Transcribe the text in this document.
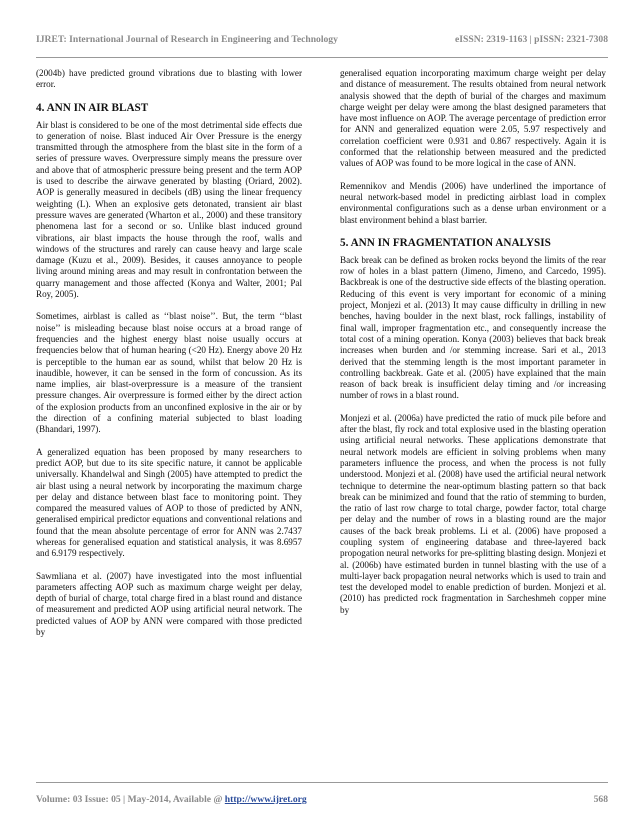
IJRET: International Journal of Research in Engineering and Technology	eISSN: 2319-1163 | pISSN: 2321-7308

(2004b) have predicted ground vibrations due to blasting with lower error.

4. ANN IN AIR BLAST

Air blast is considered to be one of the most detrimental side effects due to generation of noise. Blast induced Air Over Pressure is the energy transmitted through the atmosphere from the blast site in the form of a series of pressure waves. Overpressure simply means the pressure over and above that of atmospheric pressure being present and the term AOP is used to describe the airwave generated by blasting (Oriard, 2002). AOP is generally measured in decibels (dB) using the linear frequency weighting (L). When an explosive gets detonated, transient air blast pressure waves are generated (Wharton et al., 2000) and these transitory phenomena last for a second or so. Unlike blast induced ground vibrations, air blast impacts the house through the roof, walls and windows of the structures and rarely can cause heavy and large scale damage (Kuzu et al., 2009). Besides, it causes annoyance to people living around mining areas and may result in confrontation between the quarry management and those affected (Konya and Walter, 2001; Pal Roy, 2005).

Sometimes, airblast is called as ‘‘blast noise’’. But, the term ‘‘blast noise’’ is misleading because blast noise occurs at a broad range of frequencies and the highest energy blast noise usually occurs at frequencies below that of human hearing (<20 Hz). Energy above 20 Hz is perceptible to the human ear as sound, whilst that below 20 Hz is inaudible, however, it can be sensed in the form of concussion. As its name implies, air blast-overpressure is a measure of the transient pressure changes. Air overpressure is formed either by the direct action of the explosion products from an unconfined explosive in the air or by the direction of a confining material subjected to blast loading (Bhandari, 1997).

A generalized equation has been proposed by many researchers to predict AOP, but due to its site specific nature, it cannot be applicable universally. Khandelwal and Singh (2005) have attempted to predict the air blast using a neural network by incorporating the maximum charge per delay and distance between blast face to monitoring point. They compared the measured values of AOP to those of predicted by ANN, generalised empirical predictor equations and conventional relations and found that the mean absolute percentage of error for ANN was 2.7437 whereas for generalised equation and statistical analysis, it was 8.6957 and 6.9179 respectively.

Sawmliana et al. (2007) have investigated into the most influential parameters affecting AOP such as maximum charge weight per delay, depth of burial of charge, total charge fired in a blast round and distance of measurement and predicted AOP using artificial neural network. The predicted values of AOP by ANN were compared with those predicted by

generalised equation incorporating maximum charge weight per delay and distance of measurement. The results obtained from neural network analysis showed that the depth of burial of the charges and maximum charge weight per delay were among the blast designed parameters that have most influence on AOP. The average percentage of prediction error for ANN and generalized equation were 2.05, 5.97 respectively and correlation coefficient were 0.931 and 0.867 respectively. Again it is conformed that the relationship between measured and the predicted values of AOP was found to be more logical in the case of ANN.

Remennikov and Mendis (2006) have underlined the importance of neural network-based model in predicting airblast load in complex environmental configurations such as a dense urban environment or a blast environment behind a blast barrier.

5. ANN IN FRAGMENTATION ANALYSIS

Back break can be defined as broken rocks beyond the limits of the rear row of holes in a blast pattern (Jimeno, Jimeno, and Carcedo, 1995). Backbreak is one of the destructive side effects of the blasting operation. Reducing of this event is very important for economic of a mining project, Monjezi et al. (2013) It may cause difficulty in drilling in new benches, having boulder in the next blast, rock fallings, instability of final wall, improper fragmentation etc., and consequently increase the total cost of a mining operation. Konya (2003) believes that back break increases when burden and /or stemming increase. Sari et al., 2013 derived that the stemming length is the most important parameter in controlling backbreak. Gate et al. (2005) have explained that the main reason of back break is insufficient delay timing and /or increasing number of rows in a blast round.

Monjezi et al. (2006a) have predicted the ratio of muck pile before and after the blast, fly rock and total explosive used in the blasting operation using artificial neural networks. These applications demonstrate that neural network models are efficient in solving problems when many parameters influence the process, and when the process is not fully understood. Monjezi et al. (2008) have used the artificial neural network technique to determine the near-optimum blasting pattern so that back break can be minimized and found that the ratio of stemming to burden, the ratio of last row charge to total charge, powder factor, total charge per delay and the number of rows in a blasting round are the major causes of the back break problems. Li et al. (2006) have proposed a coupling system of engineering database and three-layered back propogation neural networks for pre-splitting blasting design. Monjezi et al. (2006b) have estimated burden in tunnel blasting with the use of a multi-layer back propagation neural networks which is used to train and test the developed model to enable prediction of burden. Monjezi et al. (2010) has predicted rock fragmentation in Sarcheshmeh copper mine by

Volume: 03 Issue: 05 | May-2014, Available @ http://www.ijret.org	568
